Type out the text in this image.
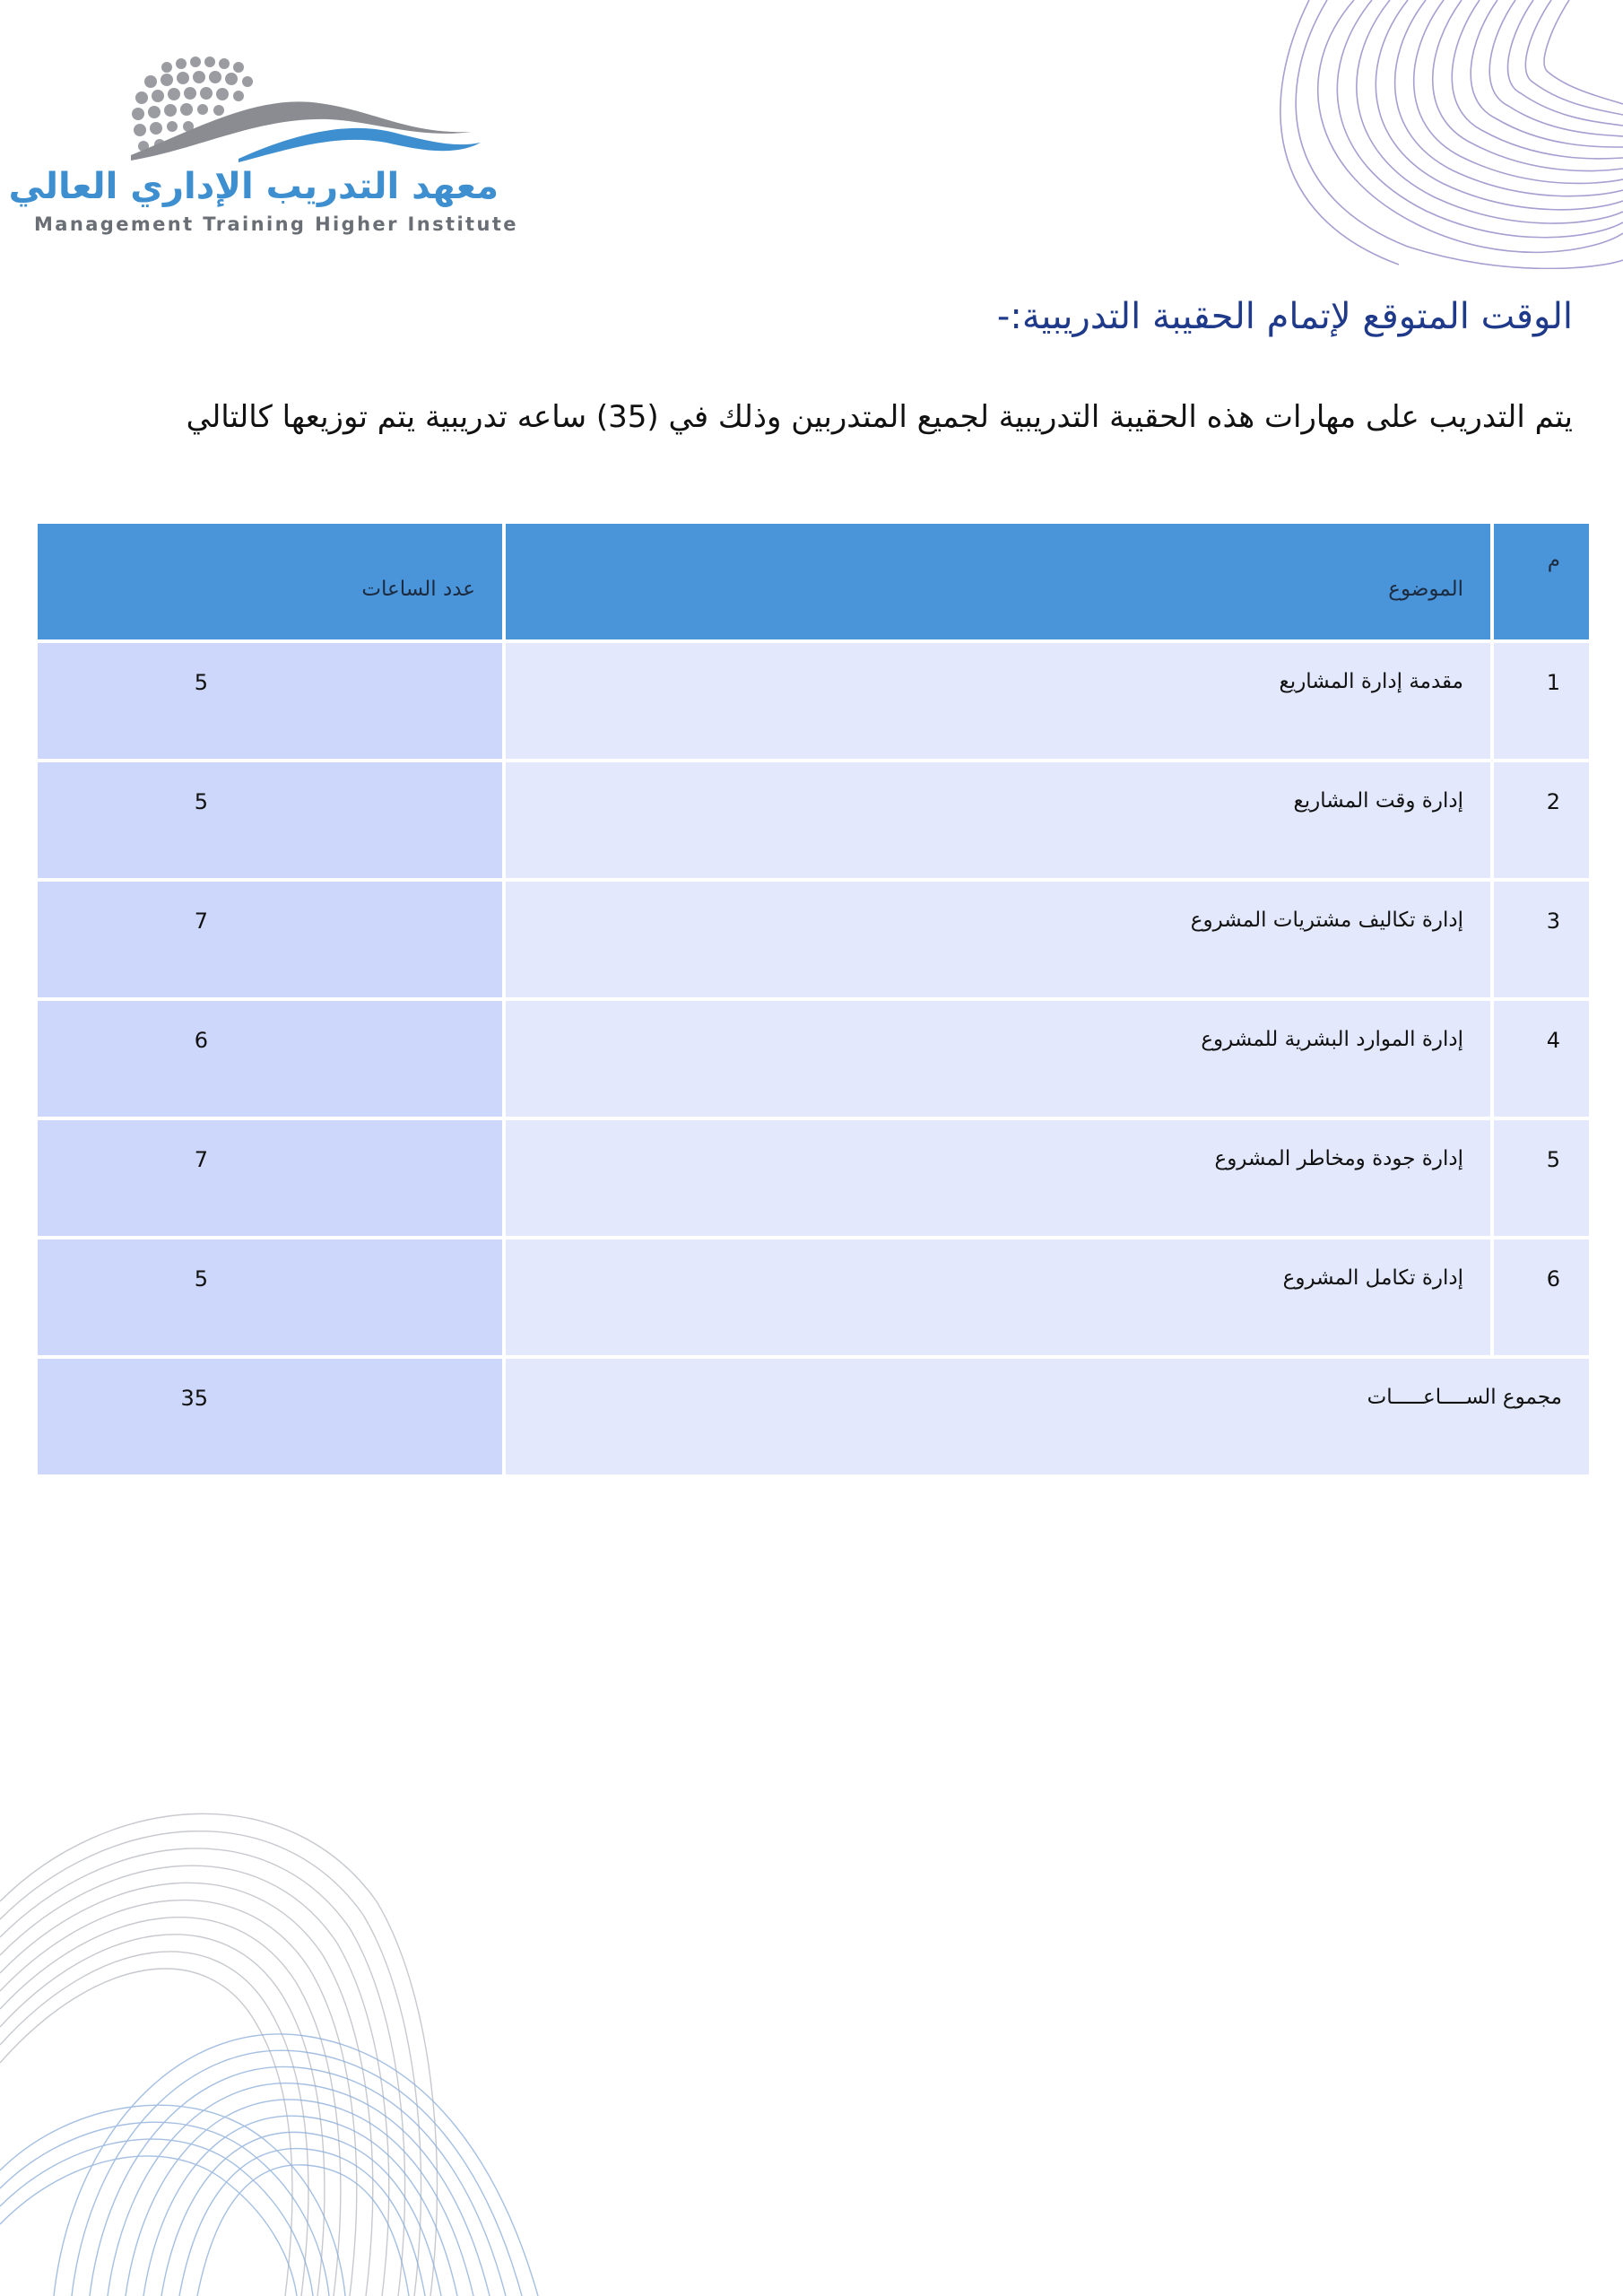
معهد التدريب الإداري العالي
Management Training Higher Institute
الوقت المتوقع لإتمام الحقيبة التدريبية:-

يتم التدريب على مهارات هذه الحقيبة التدريبية لجميع المتدربين وذلك في (35) ساعه تدريبية يتم توزيعها كالتالي

عدد الساعات	الموضوع	م

5	مقدمة إدارة المشاريع	1

5	إدارة وقت المشاريع	2

7	إدارة تكاليف مشتريات المشروع	3

6	إدارة الموارد البشرية للمشروع	4

7	إدارة جودة ومخاطر المشروع	5

5	إدارة تكامل المشروع	6

35	مجموع الســــاعـــــات	
